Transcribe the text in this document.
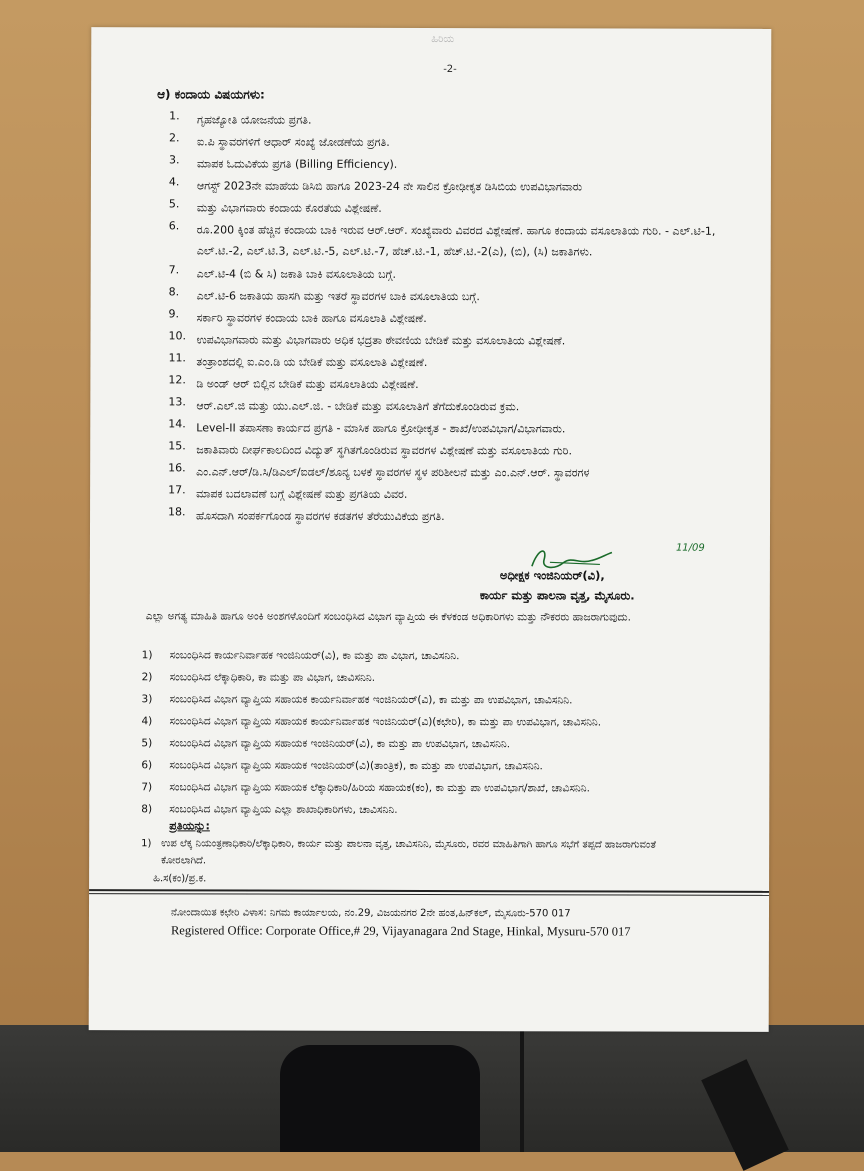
ಹಿರಿಯ
-2-
ಆ) ಕಂದಾಯ ವಿಷಯಗಳು:
1. ಗೃಹಜ್ಯೋತಿ ಯೋಜನೆಯ ಪ್ರಗತಿ.
2. ಐ.ಪಿ ಸ್ಥಾವರಗಳಿಗೆ ಆಧಾರ್ ಸಂಖ್ಯೆ ಜೋಡಣೆಯ ಪ್ರಗತಿ.
3. ಮಾಪಕ ಓದುವಿಕೆಯ ಪ್ರಗತಿ (Billing Efficiency).
4. ಆಗಸ್ಟ್ 2023ನೇ ಮಾಹೆಯ ಡಿಸಿಬಿ ಹಾಗೂ 2023-24 ನೇ ಸಾಲಿನ ಕ್ರೋಢೀಕೃತ ಡಿಸಿಬಿಯ ಉಪವಿಭಾಗವಾರು
5. ಮತ್ತು ವಿಭಾಗವಾರು ಕಂದಾಯ ಕೊರತೆಯ ವಿಶ್ಲೇಷಣೆ.
6. ರೂ.200 ಕ್ಕಿಂತ ಹೆಚ್ಚಿನ ಕಂದಾಯ ಬಾಕಿ ಇರುವ ಆರ್.ಆರ್. ಸಂಖ್ಯೆವಾರು ವಿವರದ ವಿಶ್ಲೇಷಣೆ. ಹಾಗೂ ಕಂದಾಯ ವಸೂಲಾತಿಯ ಗುರಿ. - ಎಲ್.ಟಿ-1, ಎಲ್.ಟಿ.-2, ಎಲ್.ಟಿ.3, ಎಲ್.ಟಿ.-5, ಎಲ್.ಟಿ.-7, ಹೆಚ್.ಟಿ.-1, ಹೆಚ್.ಟಿ.-2(ಎ), (ಬಿ), (ಸಿ) ಜಕಾತಿಗಳು.
7. ಎಲ್.ಟಿ-4 (ಬಿ & ಸಿ) ಜಕಾತಿ ಬಾಕಿ ವಸೂಲಾತಿಯ ಬಗ್ಗೆ.
8. ಎಲ್.ಟಿ-6 ಜಕಾತಿಯ ಹಾಸಗಿ ಮತ್ತು ಇತರೆ ಸ್ಥಾವರಗಳ ಬಾಕಿ ವಸೂಲಾತಿಯ ಬಗ್ಗೆ.
9. ಸರ್ಕಾರಿ ಸ್ಥಾವರಗಳ ಕಂದಾಯ ಬಾಕಿ ಹಾಗೂ ವಸೂಲಾತಿ ವಿಶ್ಲೇಷಣೆ.
10. ಉಪವಿಭಾಗವಾರು ಮತ್ತು ವಿಭಾಗವಾರು ಅಧಿಕ ಭದ್ರತಾ ಠೇವಣಿಯ ಬೇಡಿಕೆ ಮತ್ತು ವಸೂಲಾತಿಯ ವಿಶ್ಲೇಷಣೆ.
11. ತಂತ್ರಾಂಶದಲ್ಲಿ ಐ.ಎಂ.ಡಿ ಯ ಬೇಡಿಕೆ ಮತ್ತು ವಸೂಲಾತಿ ವಿಶ್ಲೇಷಣೆ.
12. ಡಿ ಅಂಡ್ ಆರ್ ಬಿಲ್ಲಿನ ಬೇಡಿಕೆ ಮತ್ತು ವಸೂಲಾತಿಯ ವಿಶ್ಲೇಷಣೆ.
13. ಆರ್.ಎಲ್.ಜಿ ಮತ್ತು ಯು.ಎಲ್.ಜಿ. - ಬೇಡಿಕೆ ಮತ್ತು ವಸೂಲಾತಿಗೆ ತೆಗೆದುಕೊಂಡಿರುವ ಕ್ರಮ.
14. Level-II ತಪಾಸಣಾ ಕಾರ್ಯದ ಪ್ರಗತಿ - ಮಾಸಿಕ ಹಾಗೂ ಕ್ರೋಢೀಕೃತ - ಶಾಖೆ/ಉಪವಿಭಾಗ/ವಿಭಾಗವಾರು.
15. ಜಕಾತಿವಾರು ದೀರ್ಘಕಾಲದಿಂದ ವಿದ್ಯುತ್ ಸ್ಥಗಿತಗೊಂಡಿರುವ ಸ್ಥಾವರಗಳ ವಿಶ್ಲೇಷಣೆ ಮತ್ತು ವಸೂಲಾತಿಯ ಗುರಿ.
16. ಎಂ.ಎನ್.ಆರ್/ಡಿ.ಸಿ/ಡಿಎಲ್/ಐಡಲ್/ಶೂನ್ಯ ಬಳಕೆ ಸ್ಥಾವರಗಳ ಸ್ಥಳ ಪರಿಶೀಲನೆ ಮತ್ತು ಎಂ.ಎನ್.ಆರ್. ಸ್ಥಾವರಗಳ
17. ಮಾಪಕ ಬದಲಾವಣೆ ಬಗ್ಗೆ ವಿಶ್ಲೇಷಣೆ ಮತ್ತು ಪ್ರಗತಿಯ ವಿವರ.
18. ಹೊಸದಾಗಿ ಸಂಪರ್ಕಗೊಂಡ ಸ್ಥಾವರಗಳ ಕಡತಗಳ ತೆರೆಯುವಿಕೆಯ ಪ್ರಗತಿ.
11/09
ಅಧೀಕ್ಷಕ ಇಂಜಿನಿಯರ್(ವಿ),
ಕಾರ್ಯ ಮತ್ತು ಪಾಲನಾ ವೃತ್ತ, ಮೈಸೂರು.
ಎಲ್ಲಾ ಅಗತ್ಯ ಮಾಹಿತಿ ಹಾಗೂ ಅಂಕಿ ಅಂಶಗಳೊಂದಿಗೆ ಸಂಬಂಧಿಸಿದ ವಿಭಾಗ ವ್ಯಾಪ್ತಿಯ ಈ ಕೆಳಕಂಡ ಅಧಿಕಾರಿಗಳು ಮತ್ತು ನೌಕರರು ಹಾಜರಾಗುವುದು.
1) ಸಂಬಂಧಿಸಿದ ಕಾರ್ಯನಿರ್ವಾಹಕ ಇಂಜಿನಿಯರ್(ವಿ), ಕಾ ಮತ್ತು ಪಾ ವಿಭಾಗ, ಚಾವಿಸನಿನಿ.
2) ಸಂಬಂಧಿಸಿದ ಲೆಕ್ಕಾಧಿಕಾರಿ, ಕಾ ಮತ್ತು ಪಾ ವಿಭಾಗ, ಚಾವಿಸನಿನಿ.
3) ಸಂಬಂಧಿಸಿದ ವಿಭಾಗ ವ್ಯಾಪ್ತಿಯ ಸಹಾಯಕ ಕಾರ್ಯನಿರ್ವಾಹಕ ಇಂಜಿನಿಯರ್(ವಿ), ಕಾ ಮತ್ತು ಪಾ ಉಪವಿಭಾಗ, ಚಾವಿಸನಿನಿ.
4) ಸಂಬಂಧಿಸಿದ ವಿಭಾಗ ವ್ಯಾಪ್ತಿಯ ಸಹಾಯಕ ಕಾರ್ಯನಿರ್ವಾಹಕ ಇಂಜಿನಿಯರ್(ವಿ)(ಕಛೇರಿ), ಕಾ ಮತ್ತು ಪಾ ಉಪವಿಭಾಗ, ಚಾವಿಸನಿನಿ.
5) ಸಂಬಂಧಿಸಿದ ವಿಭಾಗ ವ್ಯಾಪ್ತಿಯ ಸಹಾಯಕ ಇಂಜಿನಿಯರ್(ವಿ), ಕಾ ಮತ್ತು ಪಾ ಉಪವಿಭಾಗ, ಚಾವಿಸನಿನಿ.
6) ಸಂಬಂಧಿಸಿದ ವಿಭಾಗ ವ್ಯಾಪ್ತಿಯ ಸಹಾಯಕ ಇಂಜಿನಿಯರ್(ವಿ)(ತಾಂತ್ರಿಕ), ಕಾ ಮತ್ತು ಪಾ ಉಪವಿಭಾಗ, ಚಾವಿಸನಿನಿ.
7) ಸಂಬಂಧಿಸಿದ ವಿಭಾಗ ವ್ಯಾಪ್ತಿಯ ಸಹಾಯಕ ಲೆಕ್ಕಾಧಿಕಾರಿ/ಹಿರಿಯ ಸಹಾಯಕ(ಕಂ), ಕಾ ಮತ್ತು ಪಾ ಉಪವಿಭಾಗ/ಶಾಖೆ, ಚಾವಿಸನಿನಿ.
8) ಸಂಬಂಧಿಸಿದ ವಿಭಾಗ ವ್ಯಾಪ್ತಿಯ ಎಲ್ಲಾ ಶಾಖಾಧಿಕಾರಿಗಳು, ಚಾವಿಸನಿನಿ.
ಪ್ರತಿಯನ್ನು:
1) ಉಪ ಲೆಕ್ಕ ನಿಯಂತ್ರಣಾಧಿಕಾರಿ/ಲೆಕ್ಕಾಧಿಕಾರಿ, ಕಾರ್ಯ ಮತ್ತು ಪಾಲನಾ ವೃತ್ತ, ಚಾವಿಸನಿನಿ, ಮೈಸೂರು, ರವರ ಮಾಹಿತಿಗಾಗಿ ಹಾಗೂ ಸಭೆಗೆ ತಪ್ಪದೆ ಹಾಜರಾಗುವಂತೆ ಕೋರಲಾಗಿದೆ.
ಹಿ.ಸ(ಕಂ)/ಪ್ರ.ಕ.
ನೋಂದಾಯಿತ ಕಛೇರಿ ವಿಳಾಸ: ನಿಗಮ ಕಾರ್ಯಾಲಯ, ನಂ.29, ವಿಜಯನಗರ 2ನೇ ಹಂತ,ಹಿನ್‌ಕಲ್, ಮೈಸೂರು-570 017
Registered Office: Corporate Office,# 29, Vijayanagara 2nd Stage, Hinkal, Mysuru-570 017
